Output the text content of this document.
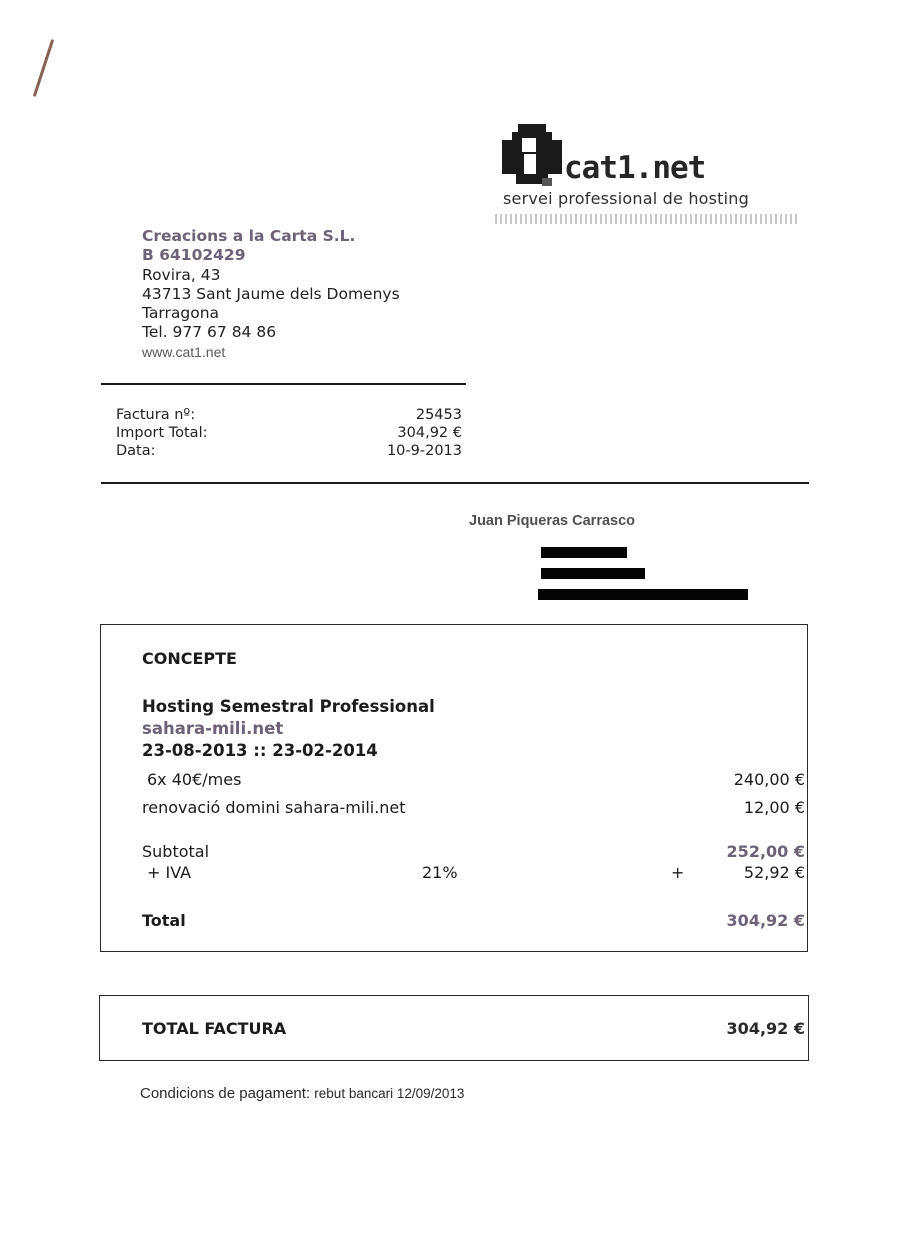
cat1.net
servei professional de hosting
Creacions a la Carta S.L.
B 64102429
Rovira, 43
43713 Sant Jaume dels Domenys
Tarragona
Tel. 977 67 84 86
www.cat1.net
Factura nº:	25453
Import Total:	304,92 €
Data:	10-9-2013
Juan Piqueras Carrasco
CONCEPTE
Hosting Semestral Professional
sahara-mili.net
23-08-2013 :: 23-02-2014
6x 40€/mes	240,00 €
renovació domini sahara-mili.net	12,00 €
Subtotal	252,00 €
+ IVA	21%	+	52,92 €
Total	304,92 €
TOTAL FACTURA	304,92 €
Condicions de pagament: rebut bancari 12/09/2013
